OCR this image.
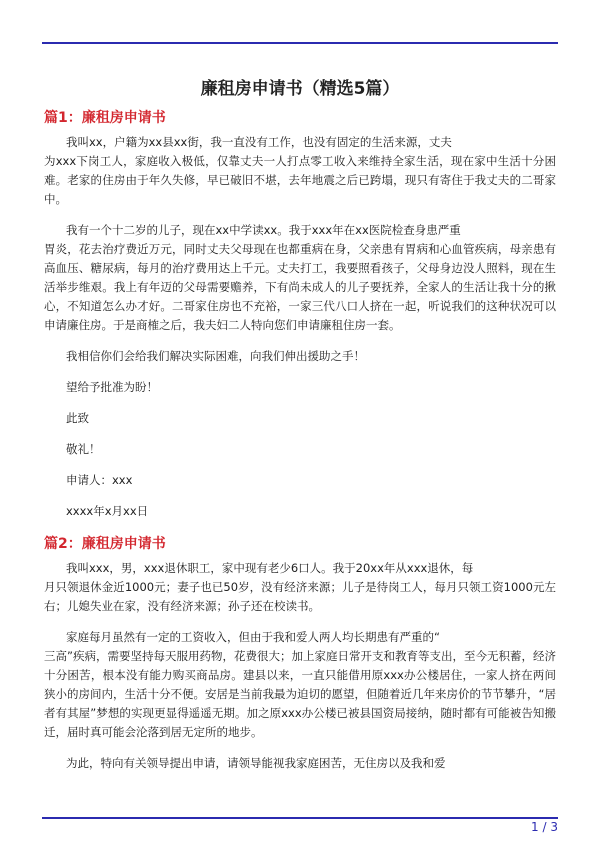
廉租房申请书（精选5篇）
篇1：廉租房申请书

我叫xx，户籍为xx县xx街，我一直没有工作，也没有固定的生活来源，丈夫
为xxx下岗工人，家庭收入极低，仅靠丈夫一人打点零工收入来维持全家生活，现在家中生活十分困难。老家的住房由于年久失修，早已破旧不堪，去年地震之后已跨塌，现只有寄住于我丈夫的二哥家中。

我有一个十二岁的儿子，现在xx中学读xx。我于xxx年在xx医院检查身患严重
胃炎，花去治疗费近万元，同时丈夫父母现在也都重病在身，父亲患有胃病和心血管疾病，母亲患有高血压、糖尿病，每月的治疗费用达上千元。丈夫打工，我要照看孩子，父母身边没人照料，现在生活举步维艰。我上有年迈的父母需要赡养，下有尚未成人的儿子要抚养，全家人的生活让我十分的揪心，不知道怎么办才好。二哥家住房也不充裕，一家三代八口人挤在一起，听说我们的这种状况可以申请廉住房。于是商榷之后，我夫妇二人特向您们申请廉租住房一套。

我相信你们会给我们解决实际困难，向我们伸出援助之手！

望给予批准为盼！

此致

敬礼！

申请人：xxx

xxxx年x月xx日

篇2：廉租房申请书

我叫xxx，男，xxx退休职工，家中现有老少6口人。我于20xx年从xxx退休，每
月只领退休金近1000元；妻子也已50岁，没有经济来源；儿子是待岗工人，每月只领工资1000元左右；儿媳失业在家，没有经济来源；孙子还在校读书。

家庭每月虽然有一定的工资收入，但由于我和爱人两人均长期患有严重的“
三高”疾病，需要坚持每天服用药物，花费很大；加上家庭日常开支和教育等支出，至今无积蓄，经济十分困苦，根本没有能力购买商品房。建县以来，一直只能借用原xxx办公楼居住，一家人挤在两间狭小的房间内，生活十分不便。安居是当前我最为迫切的愿望，但随着近几年来房价的节节攀升，“居者有其屋”梦想的实现更显得遥遥无期。加之原xxx办公楼已被县国资局接纳，随时都有可能被告知搬迁，届时真可能会沦落到居无定所的地步。

为此，特向有关领导提出申请，请领导能视我家庭困苦，无住房以及我和爱

1 / 3
